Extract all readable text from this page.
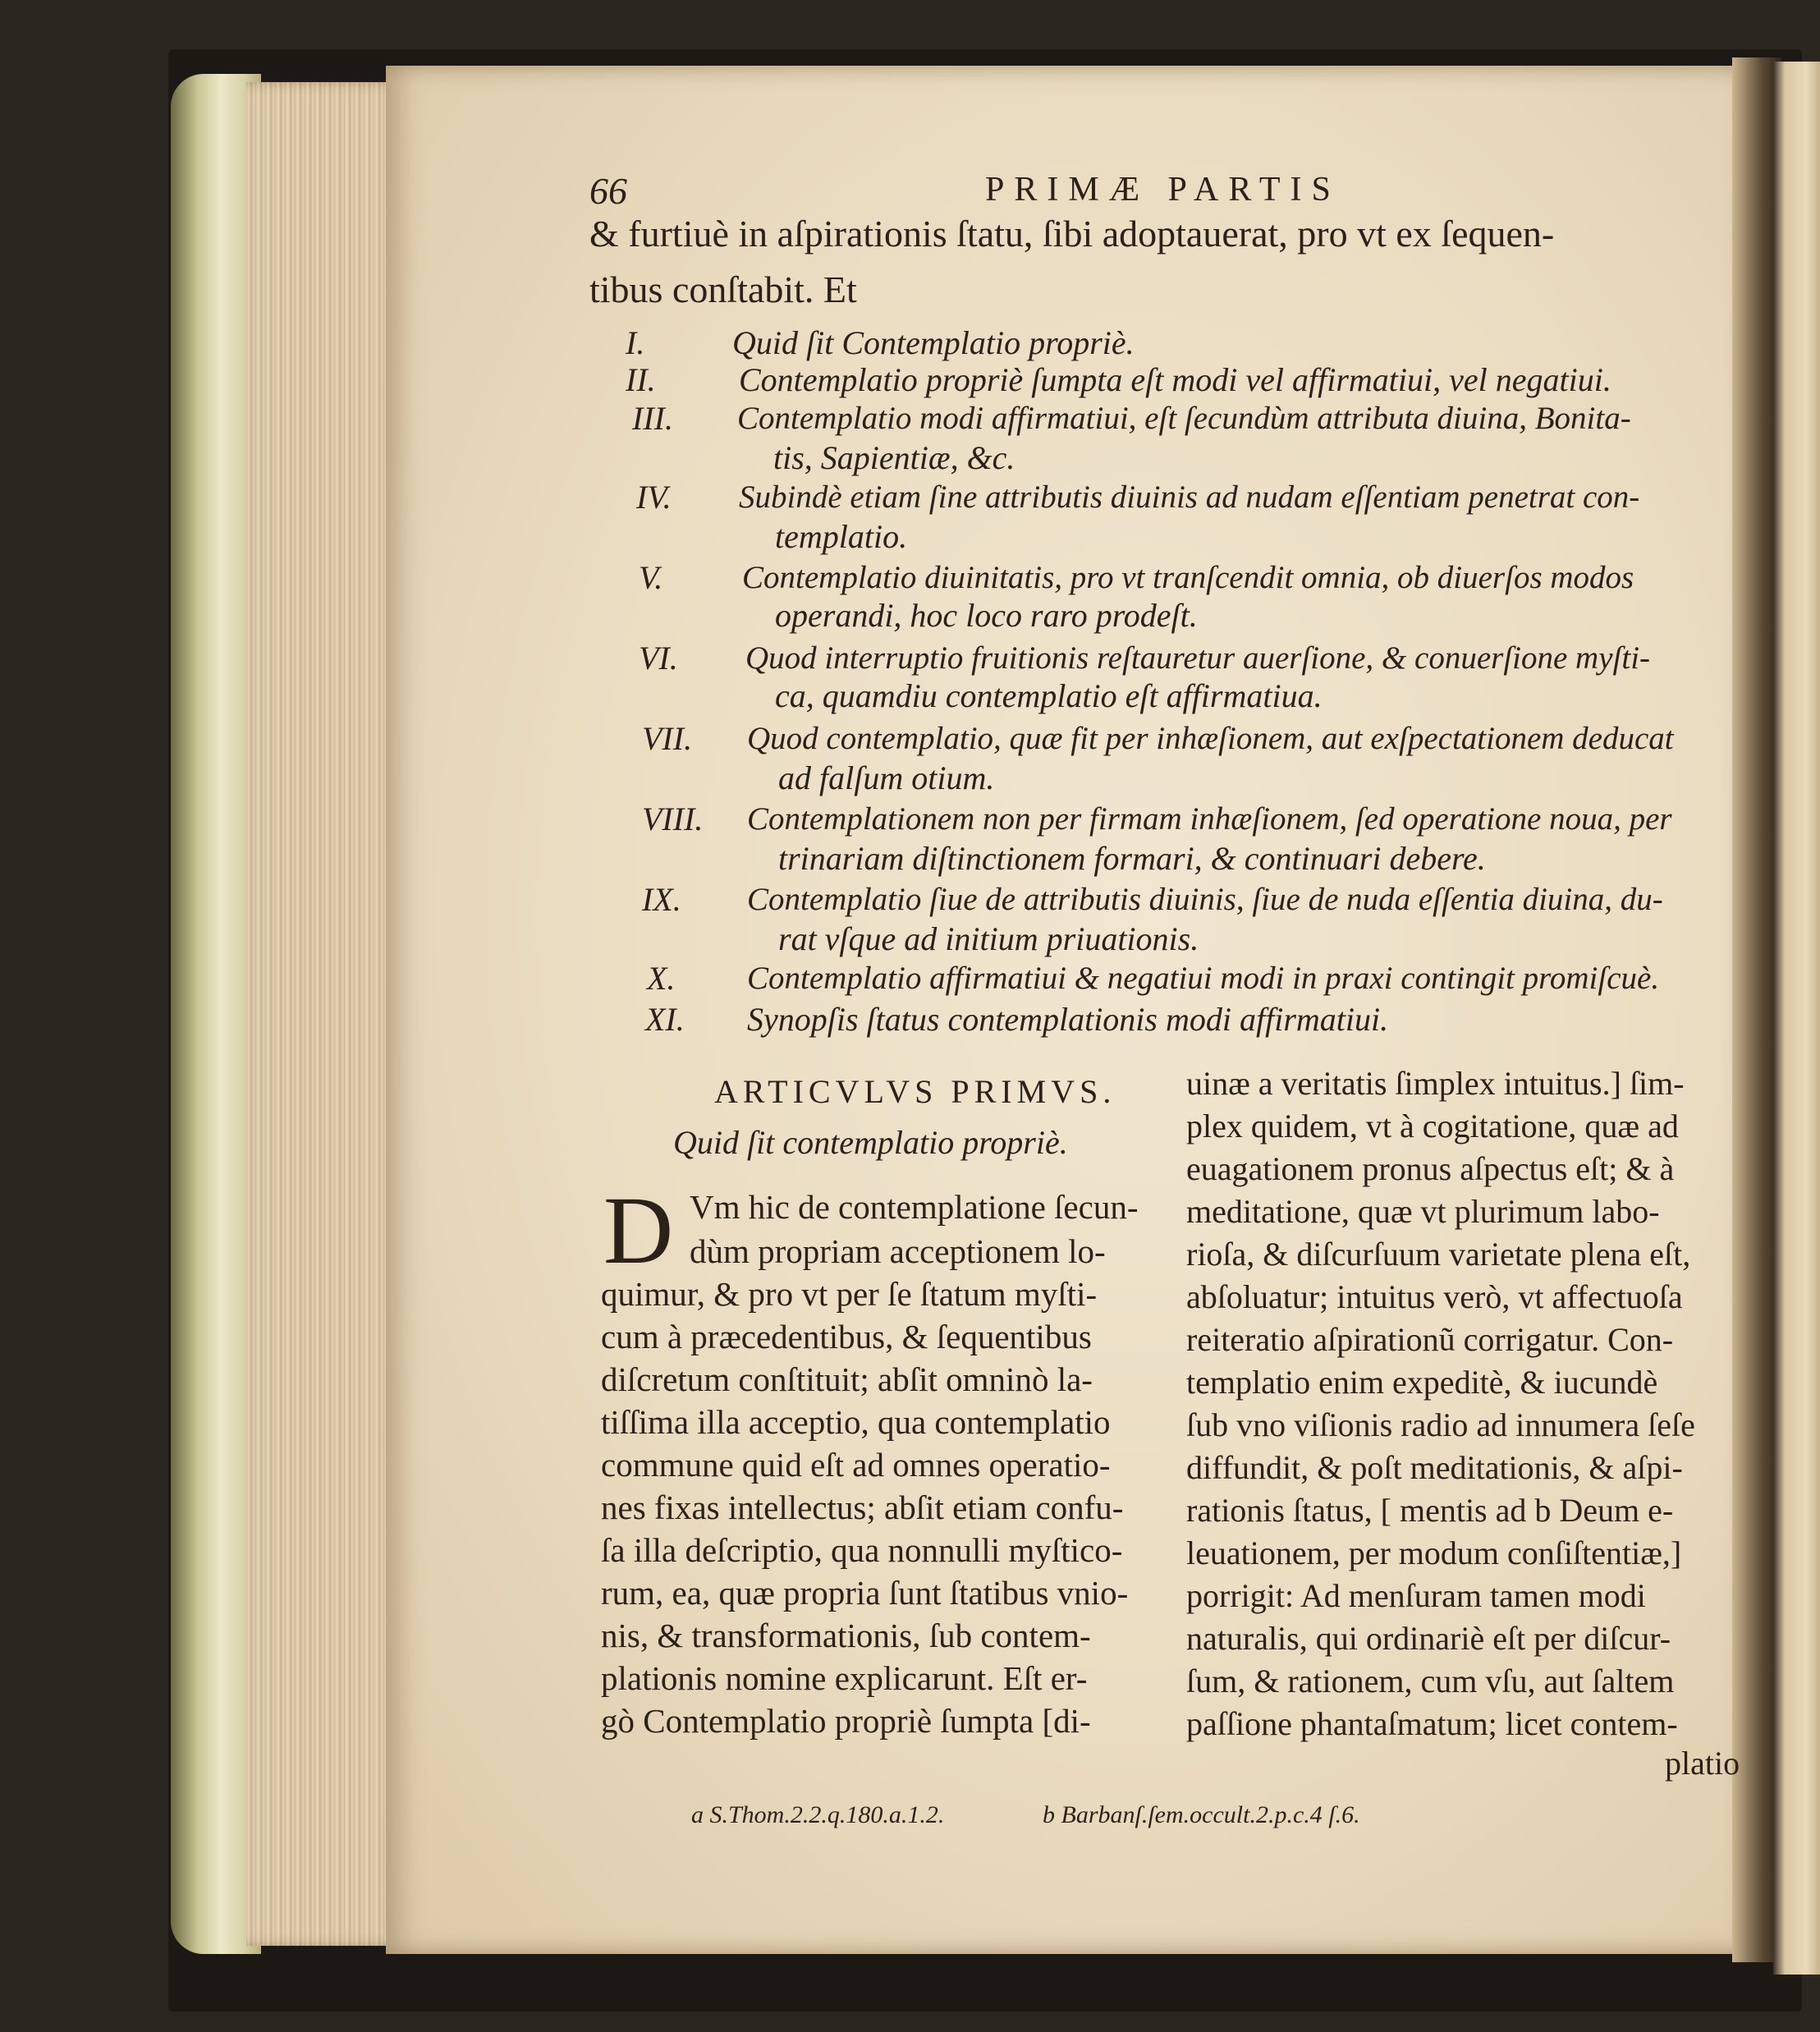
66	PRIMÆ PARTIS
& furtiuè in aſpirationis ſtatu, ſibi adoptauerat, pro vt ex ſequen-
tibus conſtabit. Et
I.	Quid ſit Contemplatio propriè.
II.	Contemplatio propriè ſumpta eſt modi vel affirmatiui, vel negatiui.
III. Contemplatio modi affirmatiui, eſt ſecundùm attributa diuina, Bonita-
tis, Sapientiæ, &c.
IV. Subindè etiam ſine attributis diuinis ad nudam eſſentiam penetrat con-
templatio.
V. Contemplatio diuinitatis, pro vt tranſcendit omnia, ob diuerſos modos
operandi, hoc loco raro prodeſt.
VI. Quod interruptio fruitionis reſtauretur auerſione, & conuerſione myſti-
ca, quamdiu contemplatio eſt affirmatiua.
VII. Quod contemplatio, quæ fit per inhæſionem, aut exſpectationem deducat
ad falſum otium.
VIII. Contemplationem non per firmam inhæſionem, ſed operatione noua, per
trinariam diſtinctionem formari, & continuari debere.
IX. Contemplatio ſiue de attributis diuinis, ſiue de nuda eſſentia diuina, du-
rat vſque ad initium priuationis.
X. Contemplatio affirmatiui & negatiui modi in praxi contingit promiſcuè.
XI. Synopſis ſtatus contemplationis modi affirmatiui.
ARTICVLVS PRIMVS.
Quid ſit contemplatio propriè.
D Vm hic de contemplatione ſecun-
dùm propriam acceptionem lo-
quimur, & pro vt per ſe ſtatum myſti-
cum à præcedentibus, & ſequentibus
diſcretum conſtituit; abſit omninò la-
tiſſima illa acceptio, qua contemplatio
commune quid eſt ad omnes operatio-
nes fixas intellectus; abſit etiam confu-
ſa illa deſcriptio, qua nonnulli myſtico-
rum, ea, quæ propria ſunt ſtatibus vnio-
nis, & transformationis, ſub contem-
plationis nomine explicarunt. Eſt er-
gò Contemplatio propriè ſumpta [di-
uinæ a veritatis ſimplex intuitus.] ſim-
plex quidem, vt à cogitatione, quæ ad
euagationem pronus aſpectus eſt; & à
meditatione, quæ vt plurimum labo-
rioſa, & diſcurſuum varietate plena eſt,
abſoluatur; intuitus verò, vt affectuoſa
reiteratio aſpirationũ corrigatur. Con-
templatio enim expeditè, & iucundè
ſub vno viſionis radio ad innumera ſeſe
diffundit, & poſt meditationis, & aſpi-
rationis ſtatus, [ mentis ad b Deum e-
leuationem, per modum conſiſtentiæ,]
porrigit: Ad menſuram tamen modi
naturalis, qui ordinariè eſt per diſcur-
ſum, & rationem, cum vſu, aut ſaltem
paſſione phantaſmatum; licet contem-
platio
a S.Thom.2.2.q.180.a.1.2.	b Barbanſ.ſem.occult.2.p.c.4 ſ.6.
